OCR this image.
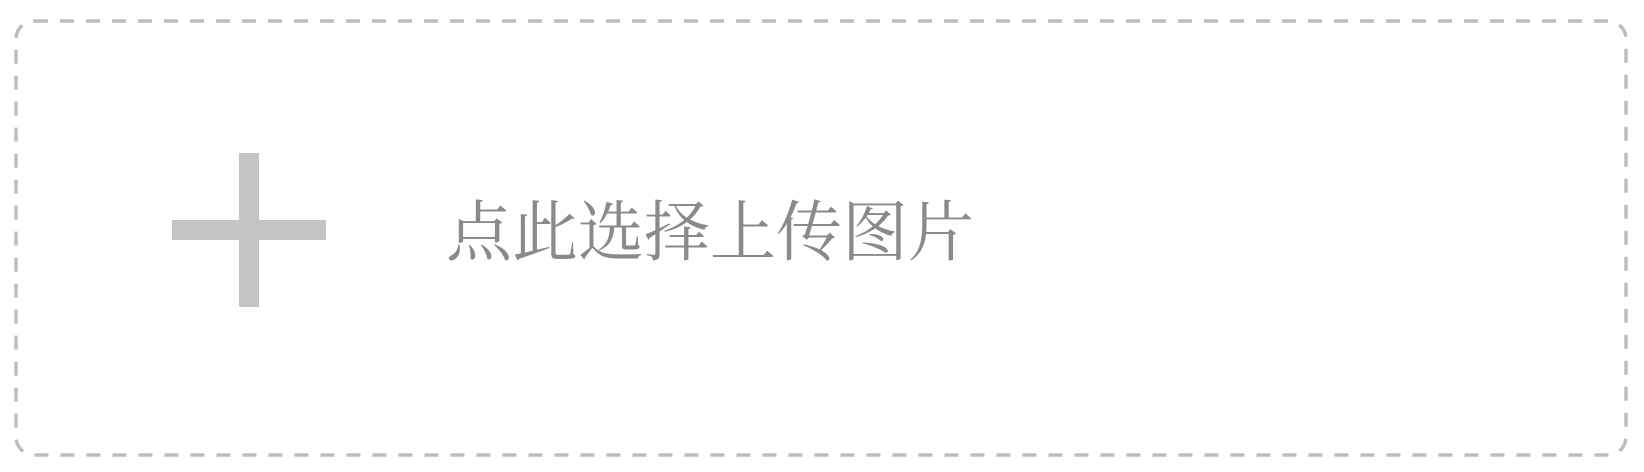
点此选择上传图片
